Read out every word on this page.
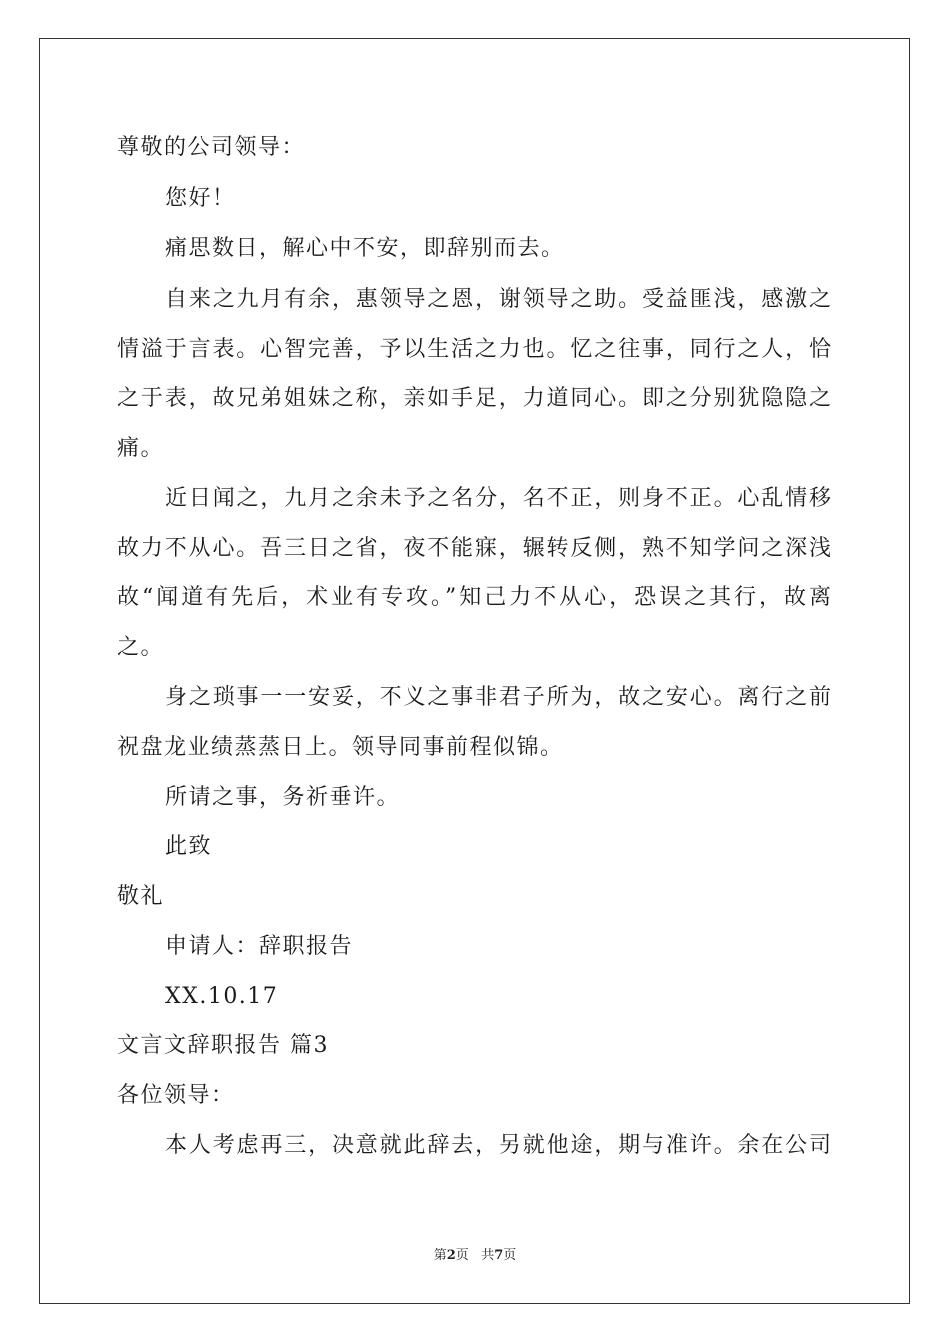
尊敬的公司领导：
您好！
痛思数日，解心中不安，即辞别而去。
自来之九月有余，惠领导之恩，谢领导之助。受益匪浅，感激之
情溢于言表。心智完善，予以生活之力也。忆之往事，同行之人，恰
之于表，故兄弟姐妹之称，亲如手足，力道同心。即之分别犹隐隐之
痛。
近日闻之，九月之余未予之名分，名不正，则身不正。心乱情移
故力不从心。吾三日之省，夜不能寐，辗转反侧，熟不知学问之深浅
故“闻道有先后，术业有专攻。”知己力不从心，恐误之其行，故离
之。
身之琐事一一安妥，不义之事非君子所为，故之安心。离行之前
祝盘龙业绩蒸蒸日上。领导同事前程似锦。
所请之事，务祈垂许。
此致
敬礼
申请人：辞职报告
XX.10.17
文言文辞职报告 篇3
各位领导：
本人考虑再三，决意就此辞去，另就他途，期与准许。余在公司
第2页 共7页
